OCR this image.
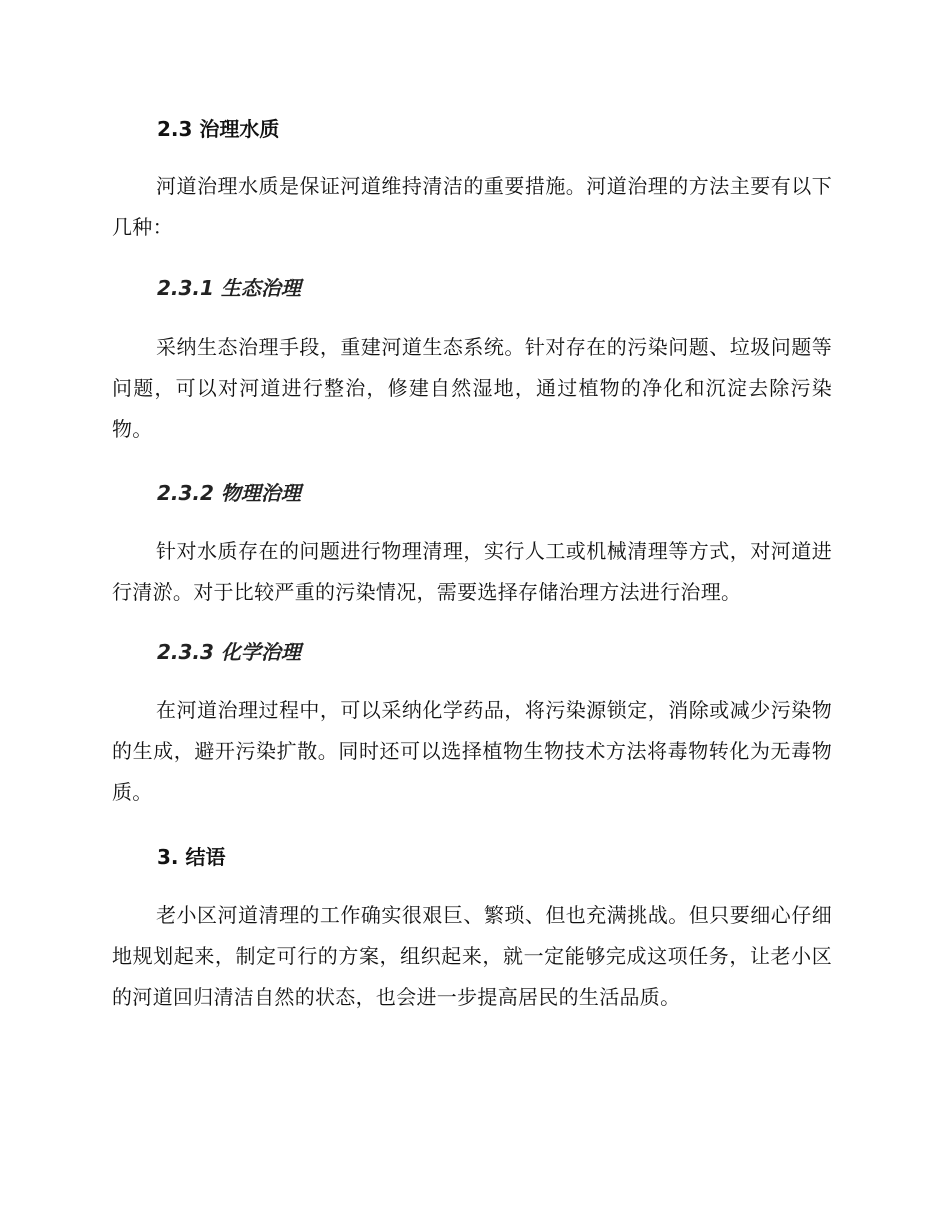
2.3 治理水质

河道治理水质是保证河道维持清洁的重要措施。河道治理的方法主要有以下几种：

2.3.1 生态治理

采纳生态治理手段，重建河道生态系统。针对存在的污染问题、垃圾问题等问题，可以对河道进行整治，修建自然湿地，通过植物的净化和沉淀去除污染物。

2.3.2 物理治理

针对水质存在的问题进行物理清理，实行人工或机械清理等方式，对河道进行清淤。对于比较严重的污染情况，需要选择存储治理方法进行治理。

2.3.3 化学治理

在河道治理过程中，可以采纳化学药品，将污染源锁定，消除或减少污染物的生成，避开污染扩散。同时还可以选择植物生物技术方法将毒物转化为无毒物质。

3. 结语

老小区河道清理的工作确实很艰巨、繁琐、但也充满挑战。但只要细心仔细地规划起来，制定可行的方案，组织起来，就一定能够完成这项任务，让老小区的河道回归清洁自然的状态，也会进一步提高居民的生活品质。
